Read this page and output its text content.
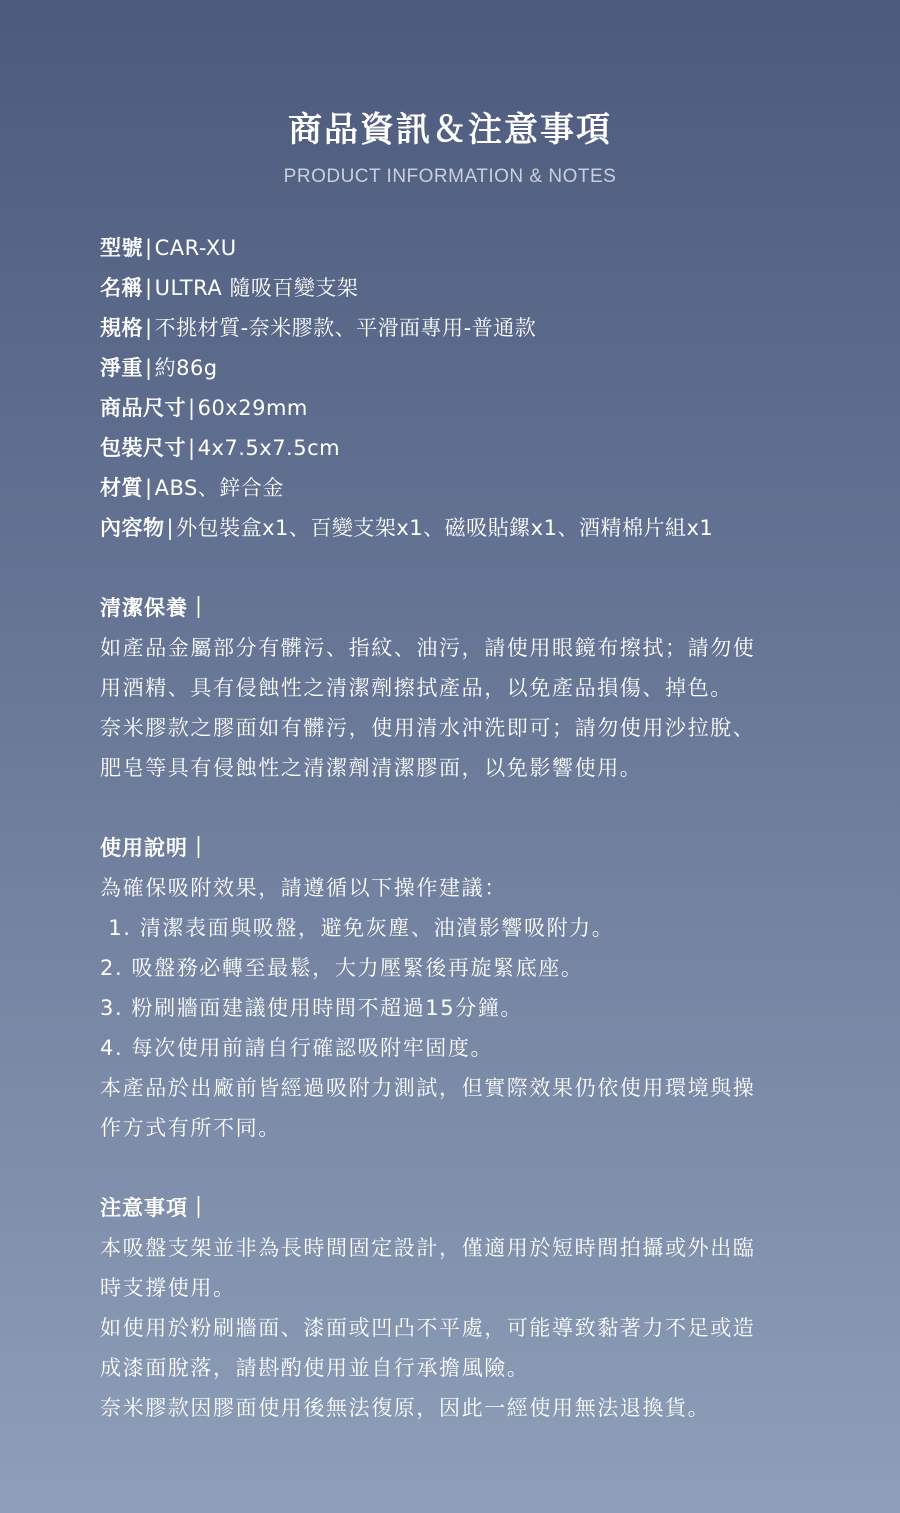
商品資訊＆注意事項
PRODUCT INFORMATION & NOTES
型號|CAR-XU
名稱|ULTRA 隨吸百變支架
規格|不挑材質-奈米膠款、平滑面專用-普通款
淨重|約86g
商品尺寸|60x29mm
包裝尺寸|4x7.5x7.5cm
材質|ABS、鋅合金
內容物|外包裝盒x1、百變支架x1、磁吸貼鏍x1、酒精棉片組x1
清潔保養｜
如產品金屬部分有髒污、指紋、油污，請使用眼鏡布擦拭；請勿使
用酒精、具有侵蝕性之清潔劑擦拭產品，以免產品損傷、掉色。
奈米膠款之膠面如有髒污，使用清水沖洗即可；請勿使用沙拉脫、
肥皂等具有侵蝕性之清潔劑清潔膠面，以免影響使用。
使用說明｜
為確保吸附效果，請遵循以下操作建議：
1. 清潔表面與吸盤，避免灰塵、油漬影響吸附力。
2. 吸盤務必轉至最鬆，大力壓緊後再旋緊底座。
3. 粉刷牆面建議使用時間不超過15分鐘。
4. 每次使用前請自行確認吸附牢固度。
本產品於出廠前皆經過吸附力測試，但實際效果仍依使用環境與操
作方式有所不同。
注意事項｜
本吸盤支架並非為長時間固定設計，僅適用於短時間拍攝或外出臨
時支撐使用。
如使用於粉刷牆面、漆面或凹凸不平處，可能導致黏著力不足或造
成漆面脫落，請斟酌使用並自行承擔風險。
奈米膠款因膠面使用後無法復原，因此一經使用無法退換貨。
